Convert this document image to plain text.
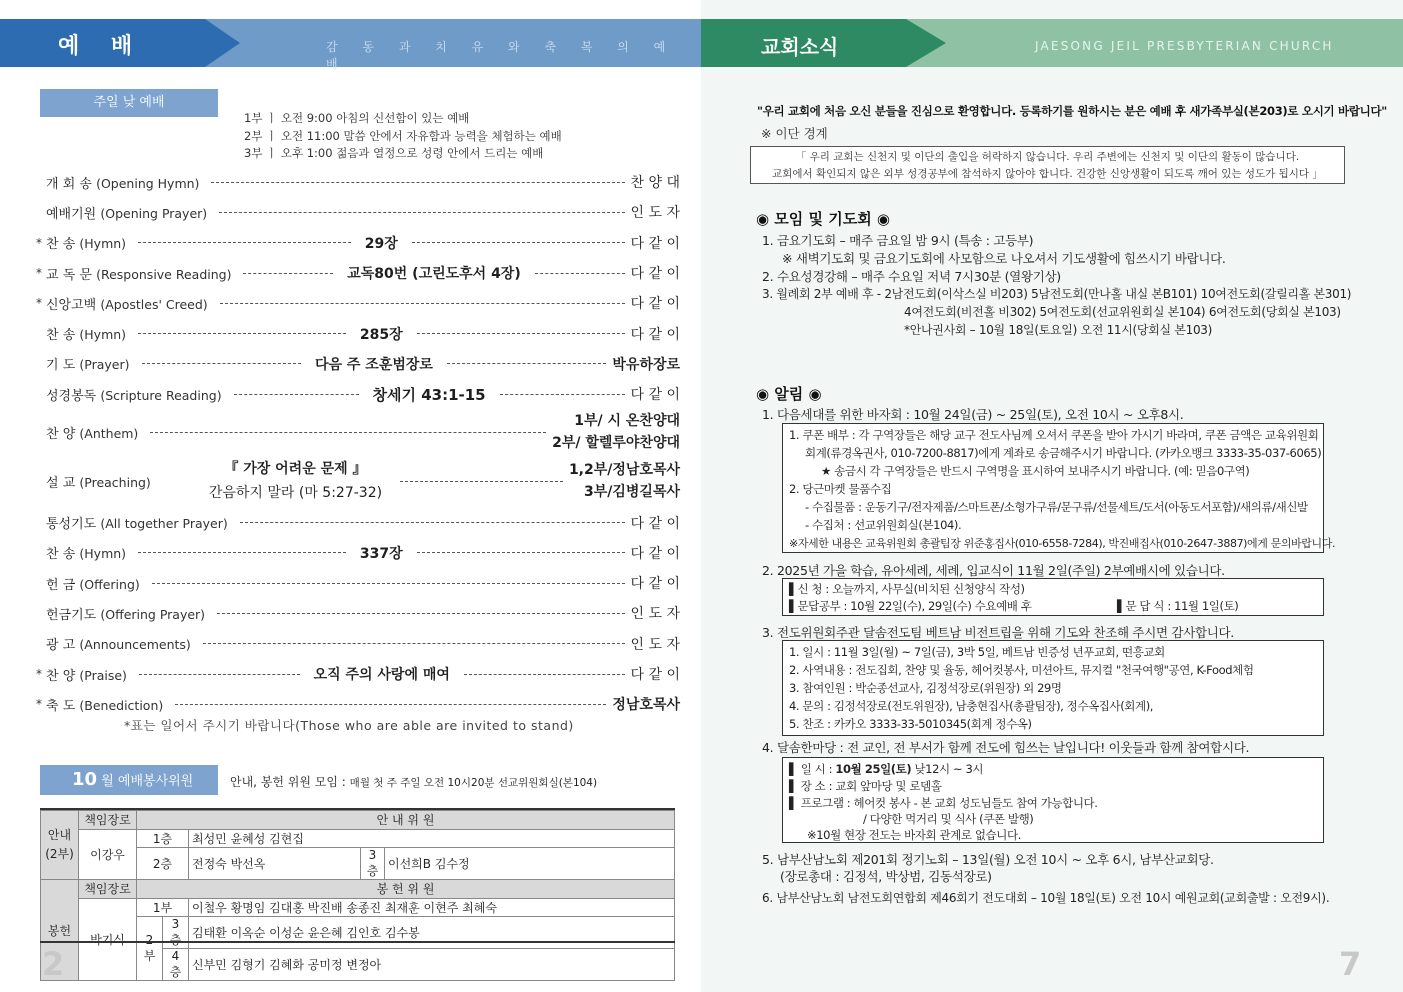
예 배	감 동 과 치 유 와 축 복 의 예 배
주일 낮 예배
1부 ㅣ 오전 9:00 아침의 신선함이 있는 예배
2부 ㅣ 오전 11:00 말씀 안에서 자유함과 능력을 체험하는 예배
3부 ㅣ 오후 1:00 젊음과 열정으로 성령 안에서 드리는 예배
개 회 송 (Opening Hymn)	찬 양 대
예배기원 (Opening Prayer)	인 도 자
* 찬 송 (Hymn)	29장	다 같 이
* 교 독 문 (Responsive Reading)	교독80번 (고린도후서 4장)	다 같 이
* 신앙고백 (Apostles' Creed)	다 같 이
찬 송 (Hymn)	285장	다 같 이
기 도 (Prayer)	다음 주 조훈범장로	박유하장로
성경봉독 (Scripture Reading)	창세기 43:1-15	다 같 이
찬 양 (Anthem)
1부/ 시 온찬양대
2부/ 할렐루야찬양대
설 교 (Preaching)
『 가장 어려운 문제 』
간음하지 말라 (마 5:27-32)
1,2부/정남호목사
3부/김병길목사
통성기도 (All together Prayer)	다 같 이
찬 송 (Hymn)	337장	다 같 이
헌 금 (Offering)	다 같 이
헌금기도 (Offering Prayer)	인 도 자
광 고 (Announcements)	인 도 자
* 찬 양 (Praise)	오직 주의 사랑에 매여	다 같 이
* 축 도 (Benediction)	정남호목사
*표는 일어서 주시기 바랍니다(Those who are able are invited to stand)
10 월 예배봉사위원	안내, 봉헌 위원 모임 : 매월 첫 주 주일 오전 10시20분 선교위원회실(본104)
안내
(2부)	책임장로	안 내 위 원				
	이강우	1층		최성민 윤혜성 김현집		
		2층		전정숙 박선옥	3층	이선희B 김수정
봉헌	책임장로	봉 헌 위 원				
	박기식	1부		이철우 황명임 김대홍 박진배 송종진 최재훈 이현주 최혜숙		
		2부	3층	김태환 이옥순 이성순 윤은혜 김인호 김수봉		
			4층	신부민 김형기 김혜화 공미정 변정아		
2
교회소식	JAESONG JEIL PRESBYTERIAN CHURCH
7
"우리 교회에 처음 오신 분들을 진심으로 환영합니다. 등록하기를 원하시는 분은 예배 후 새가족부실(본203)로 오시기 바랍니다"
※ 이단 경계
「 우리 교회는 신천지 및 이단의 출입을 허락하지 않습니다. 우리 주변에는 신천지 및 이단의 활동이 많습니다.
교회에서 확인되지 않은 외부 성경공부에 참석하지 않아야 합니다. 건강한 신앙생활이 되도록 깨어 있는 성도가 됩시다 」
◉ 모임 및 기도회 ◉
1. 금요기도회 – 매주 금요일 밤 9시 (특송 : 고등부)
※ 새벽기도회 및 금요기도회에 사모함으로 나오셔서 기도생활에 힘쓰시기 바랍니다.
2. 수요성경강해 – 매주 수요일 저녁 7시30분 (열왕기상)
3. 월례회 2부 예배 후 - 2남전도회(이삭스실 비203) 5남전도회(만나홀 내실 본B101) 10여전도회(갈릴리홀 본301)
4여전도회(비전홀 비302) 5여전도회(선교위원회실 본104) 6여전도회(당회실 본103)
*안나권사회 – 10월 18일(토요일) 오전 11시(당회실 본103)
◉ 알림 ◉
1. 다음세대를 위한 바자회 : 10월 24일(금) ~ 25일(토), 오전 10시 ~ 오후8시.
1. 쿠폰 배부 : 각 구역장들은 해당 교구 전도사님께 오셔서 쿠폰을 받아 가시기 바라며, 쿠폰 금액은 교육위원회
회계(류경옥권사, 010-7200-8817)에게 계좌로 송금해주시기 바랍니다. (카카오뱅크 3333-35-037-6065)
★ 송금시 각 구역장들은 반드시 구역명을 표시하여 보내주시기 바랍니다. (예: 믿음0구역)
2. 당근마켓 물품수집
- 수집물품 : 운동기구/전자제품/스마트폰/소형가구류/문구류/선물세트/도서(아동도서포함)/새의류/새신발
- 수집처 : 선교위원회실(본104).
※자세한 내용은 교육위원회 총괄팀장 위준홍집사(010-6558-7284), 박진배집사(010-2647-3887)에게 문의바랍니다.
2. 2025년 가을 학습, 유아세례, 세례, 입교식이 11월 2일(주일) 2부예배시에 있습니다.
▌신 청 : 오늘까지, 사무실(비치된 신청양식 작성)
▌문답공부 : 10월 22일(수), 29일(수) 수요예배 후	▌문 답 식 : 11월 1일(토)
3. 전도위원회주관 달솜전도팀 베트남 비전트립을 위해 기도와 찬조해 주시면 감사합니다.
1. 일시 : 11월 3일(월) ~ 7일(금), 3박 5일, 베트남 빈증성 년푸교회, 떤흥교회
2. 사역내용 : 전도집회, 찬양 및 율동, 헤어컷봉사, 미션아트, 뮤지컬 "천국여행"공연, K-Food체험
3. 참여인원 : 박순종선교사, 김정석장로(위원장) 외 29명
4. 문의 : 김정석장로(전도위원장), 남충현집사(총괄팀장), 정수옥집사(회계),
5. 찬조 : 카카오 3333-33-5010345(회계 정수옥)
4. 달솜한마당 : 전 교인, 전 부서가 함께 전도에 힘쓰는 날입니다! 이웃들과 함께 참여합시다.
▌ 일 시 : 10월 25일(토) 낮12시 ~ 3시
▌ 장 소 : 교회 앞마당 및 로뎀홀
▌ 프로그램 : 헤어컷 봉사 - 본 교회 성도님들도 참여 가능합니다.
/ 다양한 먹거리 및 식사 (쿠폰 발행)
※10월 현장 전도는 바자회 관계로 없습니다.
5. 남부산남노회 제201회 정기노회 – 13일(월) 오전 10시 ~ 오후 6시, 남부산교회당.
(장로총대 : 김정석, 박상범, 김동석장로)
6. 남부산남노회 남전도회연합회 제46회기 전도대회 – 10월 18일(토) 오전 10시 예원교회(교회출발 : 오전9시).
